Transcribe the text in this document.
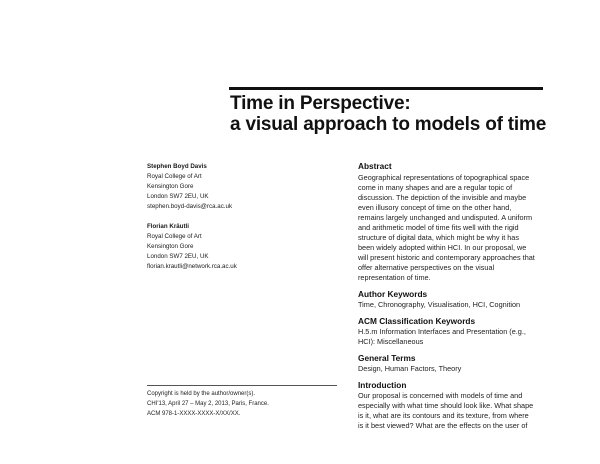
Time in Perspective:
a visual approach to models of time
Stephen Boyd Davis
Royal College of Art
Kensington Gore
London SW7 2EU, UK
stephen.boyd-davis@rca.ac.uk
Florian Kräutli
Royal College of Art
Kensington Gore
London SW7 2EU, UK
florian.krautli@network.rca.ac.uk
Copyright is held by the author/owner(s).
CHI'13, April 27 – May 2, 2013, Paris, France.
ACM 978-1-XXXX-XXXX-X/XX/XX.
Abstract
Geographical representations of topographical space
come in many shapes and are a regular topic of
discussion. The depiction of the invisible and maybe
even illusory concept of time on the other hand,
remains largely unchanged and undisputed. A uniform
and arithmetic model of time fits well with the rigid
structure of digital data, which might be why it has
been widely adopted within HCI. In our proposal, we
will present historic and contemporary approaches that
offer alternative perspectives on the visual
representation of time.
Author Keywords
Time, Chronography, Visualisation, HCI, Cognition
ACM Classification Keywords
H.5.m Information Interfaces and Presentation (e.g.,
HCI): Miscellaneous
General Terms
Design, Human Factors, Theory
Introduction
Our proposal is concerned with models of time and
especially with what time should look like. What shape
is it, what are its contours and its texture, from where
is it best viewed? What are the effects on the user of
